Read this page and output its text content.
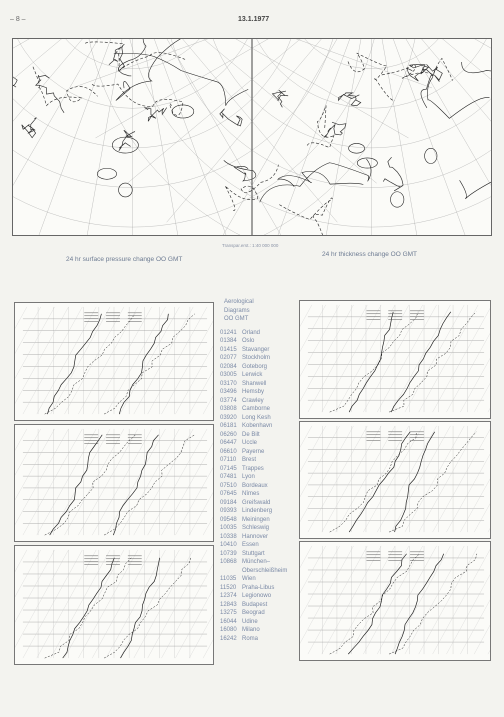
– 8 –	13.1.1977
Transpar.erst.: 1:40 000 000
24 hr surface pressure change OO GMT
24 hr thickness change OO GMT
Aerological
Diagrams
OO GMT
01241 Orland
01384 Oslo
01415 Stavanger
02077 Stockholm
02084 Goteborg
03005 Lerwick
03170 Shanwell
03496 Hemsby
03774 Crawley
03808 Camborne
03920 Long Kesh
06181 Kobenhavn
06260 De Bilt
06447 Uccle
06610 Payerne
07110 Brest
07145 Trappes
07481 Lyon
07510 Bordeaux
07645 Nîmes
09184 Greifswald
09393 Lindenberg
09548 Meiningen
10035 Schleswig
10338 Hannover
10410 Essen
10739 Stuttgart
10868 München–
Oberschleißheim
11035 Wien
11520 Praha-Libus
12374 Legionowo
12843 Budapest
13275 Beograd
16044 Udine
16080 Milano
16242 Roma
